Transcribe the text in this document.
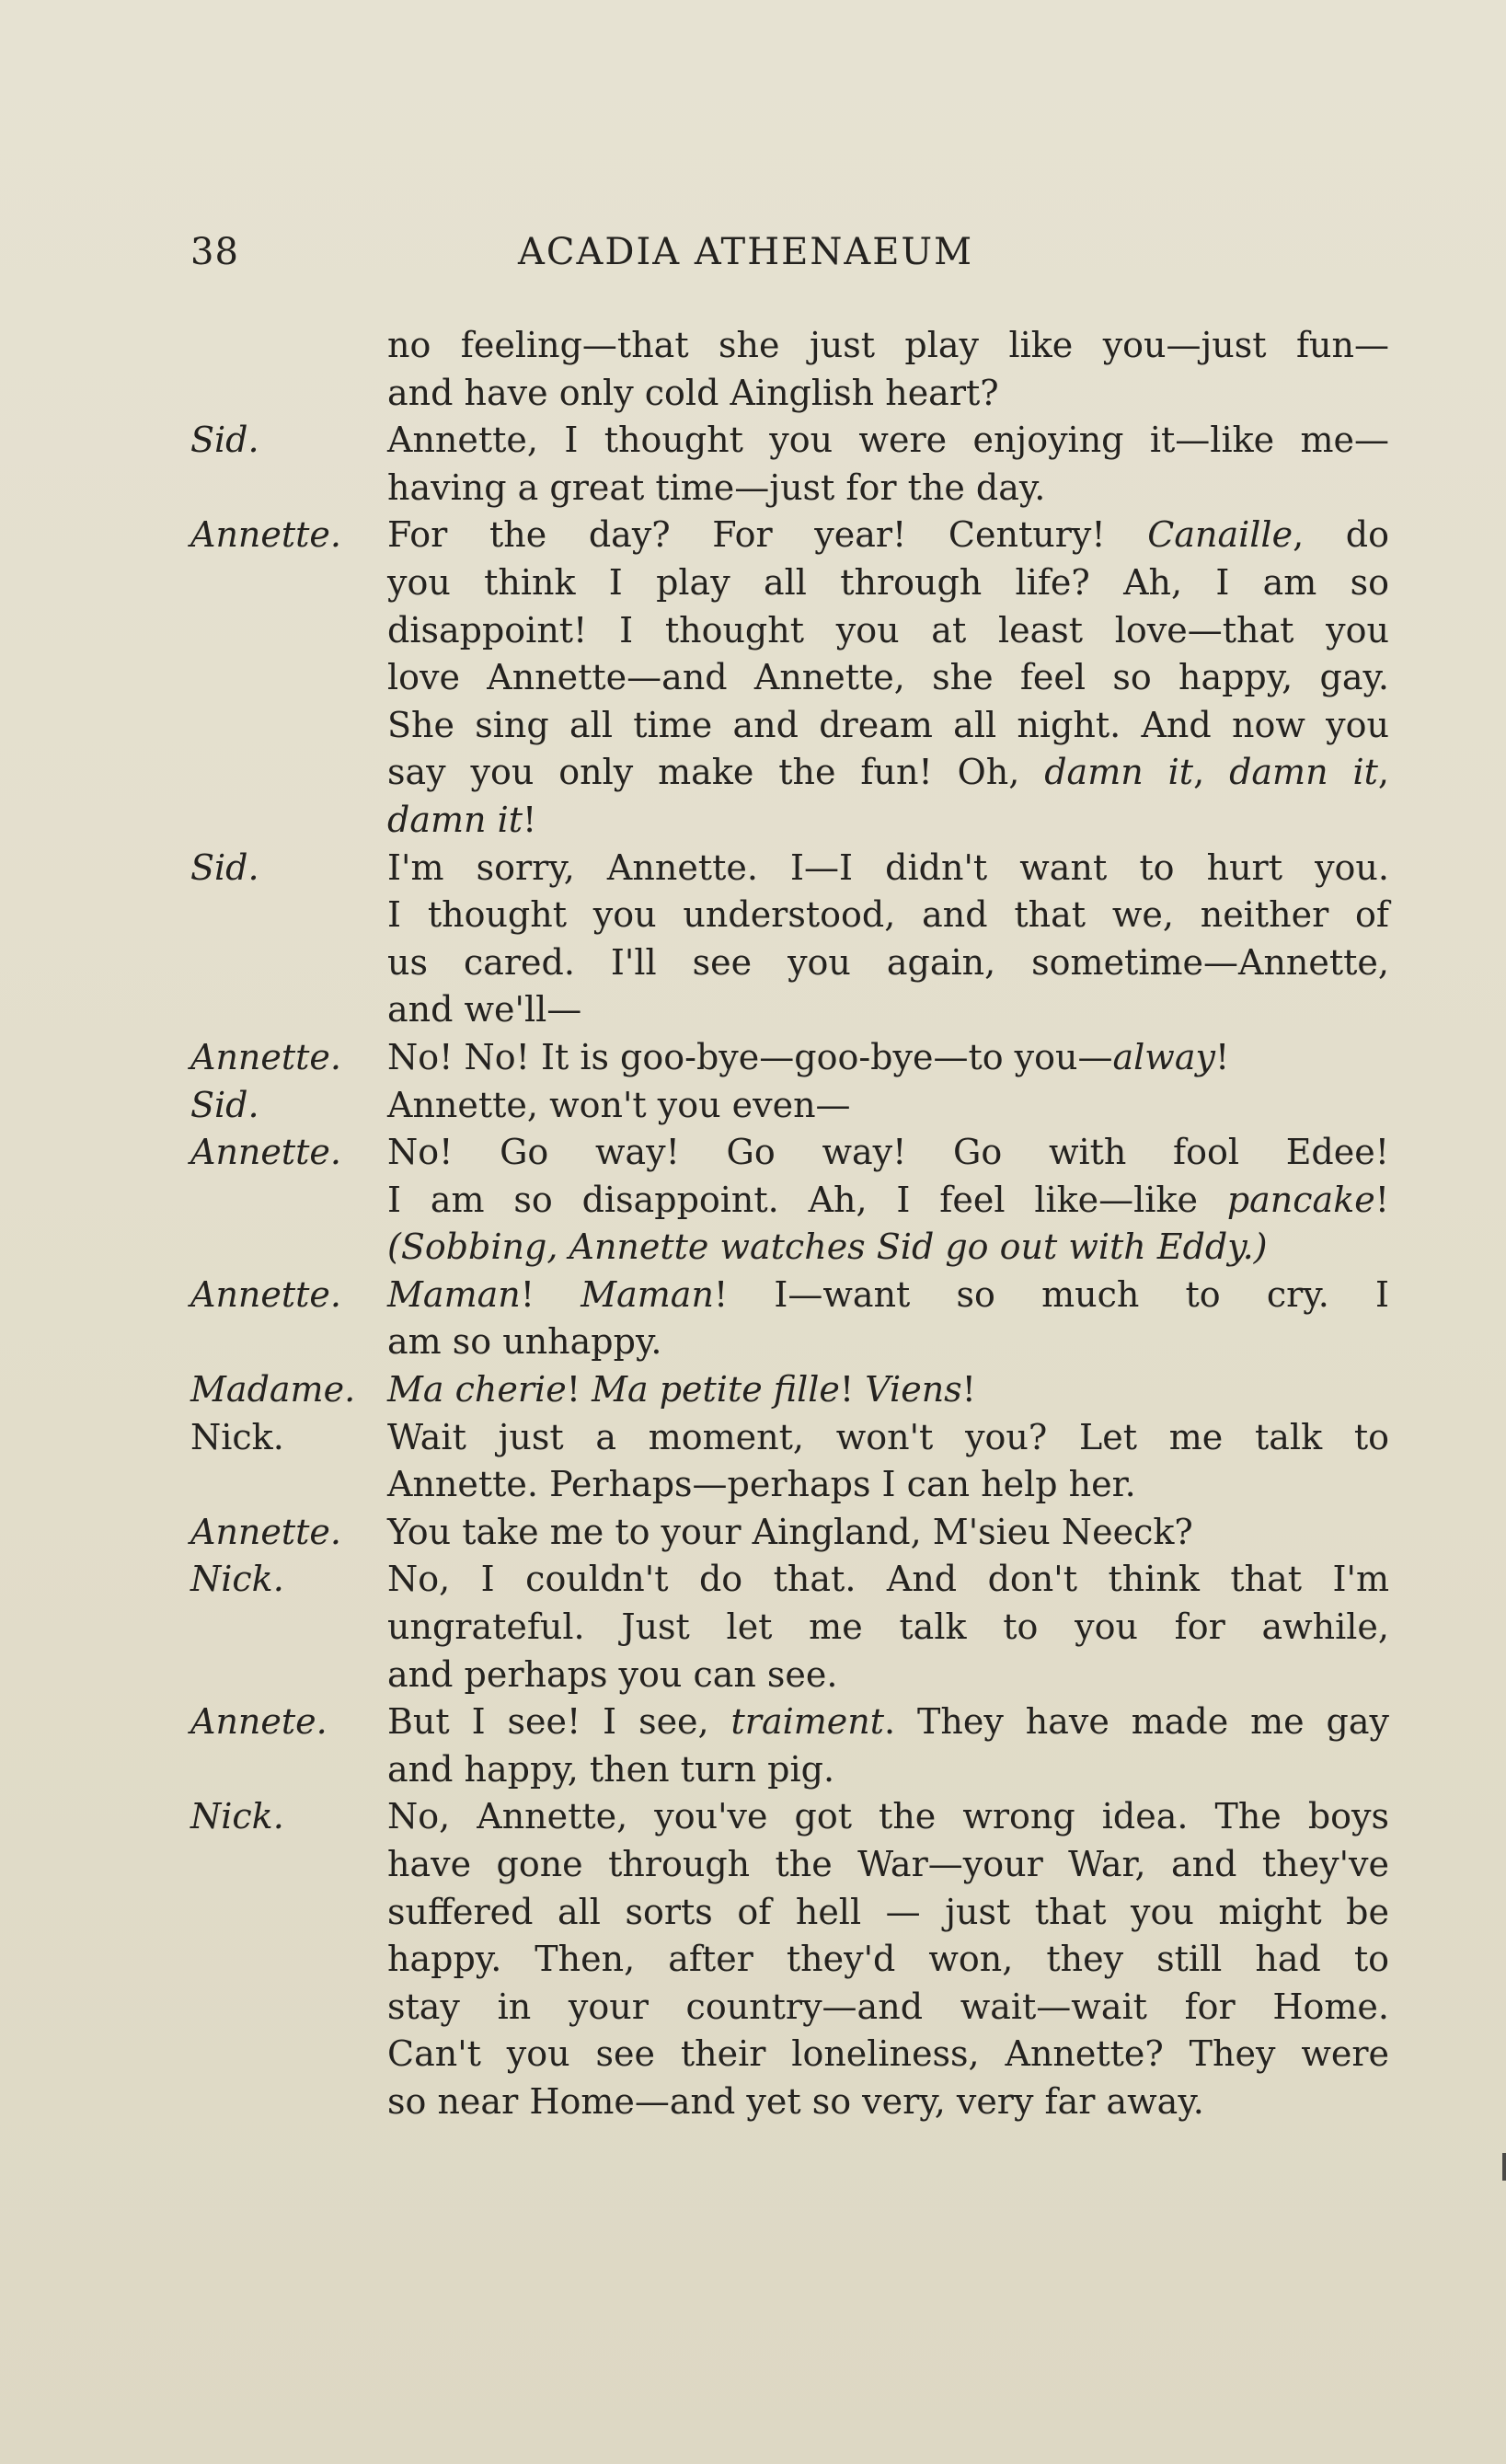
38	ACADIA ATHENAEUM
no feeling—that she just play like you—just fun—
and have only cold Ainglish heart?
Sid.	Annette, I thought you were enjoying it—like me—
having a great time—just for the day.
Annette.	For the day? For year! Century! Canaille, do
you think I play all through life? Ah, I am so
disappoint! I thought you at least love—that you
love Annette—and Annette, she feel so happy, gay.
She sing all time and dream all night. And now you
say you only make the fun! Oh, damn it, damn it,
damn it!
Sid.	I'm sorry, Annette. I—I didn't want to hurt you.
I thought you understood, and that we, neither of
us cared. I'll see you again, sometime—Annette,
and we'll—
Annette.	No! No! It is goo-bye—goo-bye—to you—alway!
Sid.	Annette, won't you even—
Annette.	No! Go way! Go way! Go with fool Edee!
I am so disappoint. Ah, I feel like—like pancake!
(Sobbing, Annette watches Sid go out with Eddy.)
Annette.	Maman! Maman! I—want so much to cry. I
am so unhappy.
Madame. Ma cherie! Ma petite fille! Viens!
Nick.	Wait just a moment, won't you? Let me talk to
Annette. Perhaps—perhaps I can help her.
Annette.	You take me to your Aingland, M'sieu Neeck?
Nick.	No, I couldn't do that. And don't think that I'm
ungrateful. Just let me talk to you for awhile,
and perhaps you can see.
Annete.	But I see! I see, traiment. They have made me gay
and happy, then turn pig.
Nick.	No, Annette, you've got the wrong idea. The boys
have gone through the War—your War, and they've
suffered all sorts of hell — just that you might be
happy. Then, after they'd won, they still had to
stay in your country—and wait—wait for Home.
Can't you see their loneliness, Annette? They were
so near Home—and yet so very, very far away.
